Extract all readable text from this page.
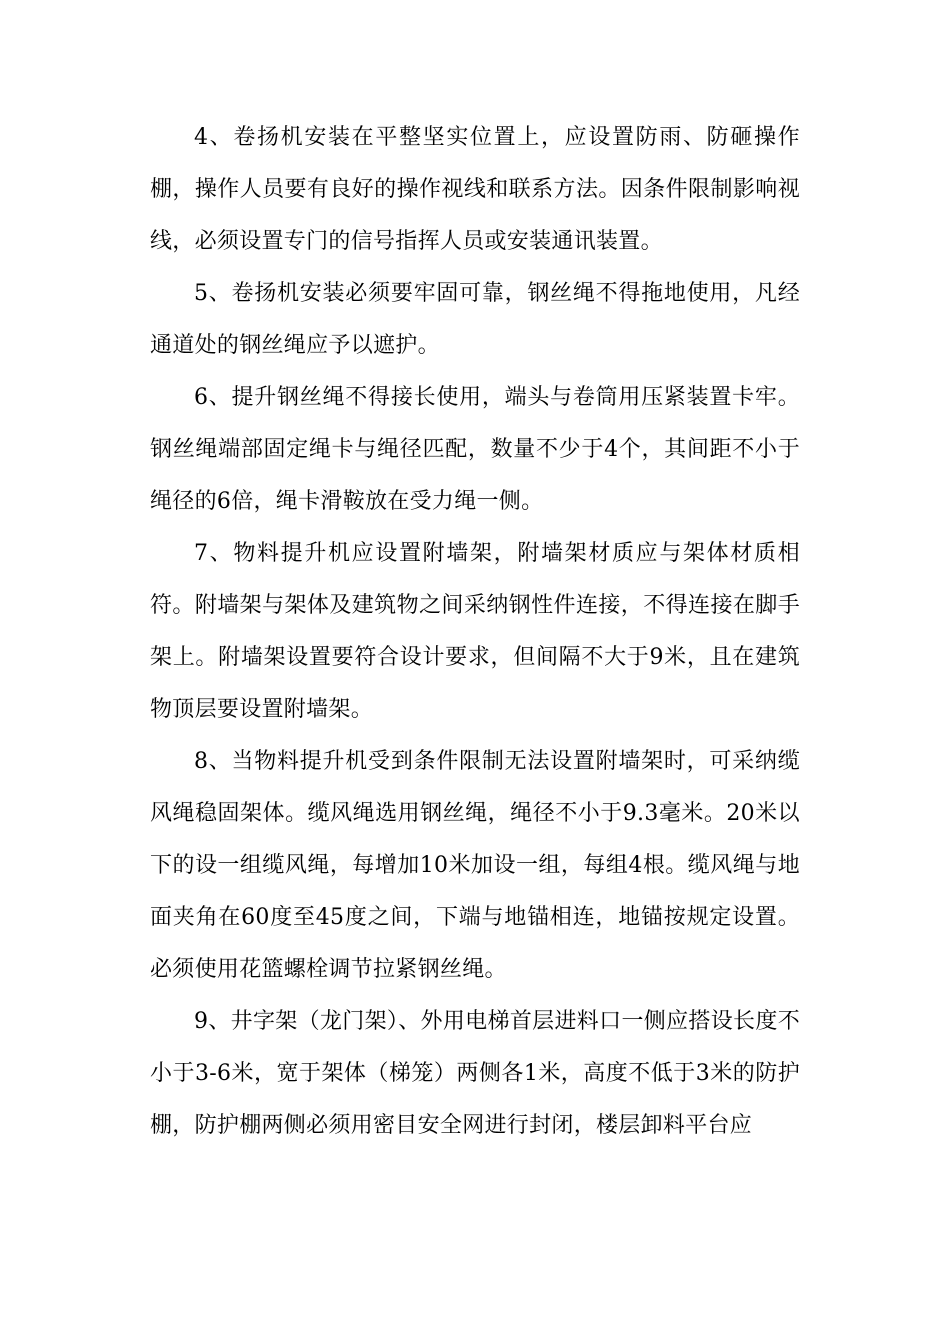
4、卷扬机安装在平整坚实位置上，应设置防雨、防砸操作棚，操作人员要有良好的操作视线和联系方法。因条件限制影响视线，必须设置专门的信号指挥人员或安装通讯装置。

5、卷扬机安装必须要牢固可靠，钢丝绳不得拖地使用，凡经通道处的钢丝绳应予以遮护。

6、提升钢丝绳不得接长使用，端头与卷筒用压紧装置卡牢。钢丝绳端部固定绳卡与绳径匹配，数量不少于4个，其间距不小于绳径的6倍，绳卡滑鞍放在受力绳一侧。

7、物料提升机应设置附墙架，附墙架材质应与架体材质相符。附墙架与架体及建筑物之间采纳钢性件连接，不得连接在脚手架上。附墙架设置要符合设计要求，但间隔不大于9米，且在建筑物顶层要设置附墙架。

8、当物料提升机受到条件限制无法设置附墙架时，可采纳缆风绳稳固架体。缆风绳选用钢丝绳，绳径不小于9.3毫米。20米以下的设一组缆风绳，每增加10米加设一组，每组4根。缆风绳与地面夹角在60度至45度之间，下端与地锚相连，地锚按规定设置。必须使用花篮螺栓调节拉紧钢丝绳。

9、井字架（龙门架）、外用电梯首层进料口一侧应搭设长度不小于3-6米，宽于架体（梯笼）两侧各1米，高度不低于3米的防护棚，防护棚两侧必须用密目安全网进行封闭，楼层卸料平台应
